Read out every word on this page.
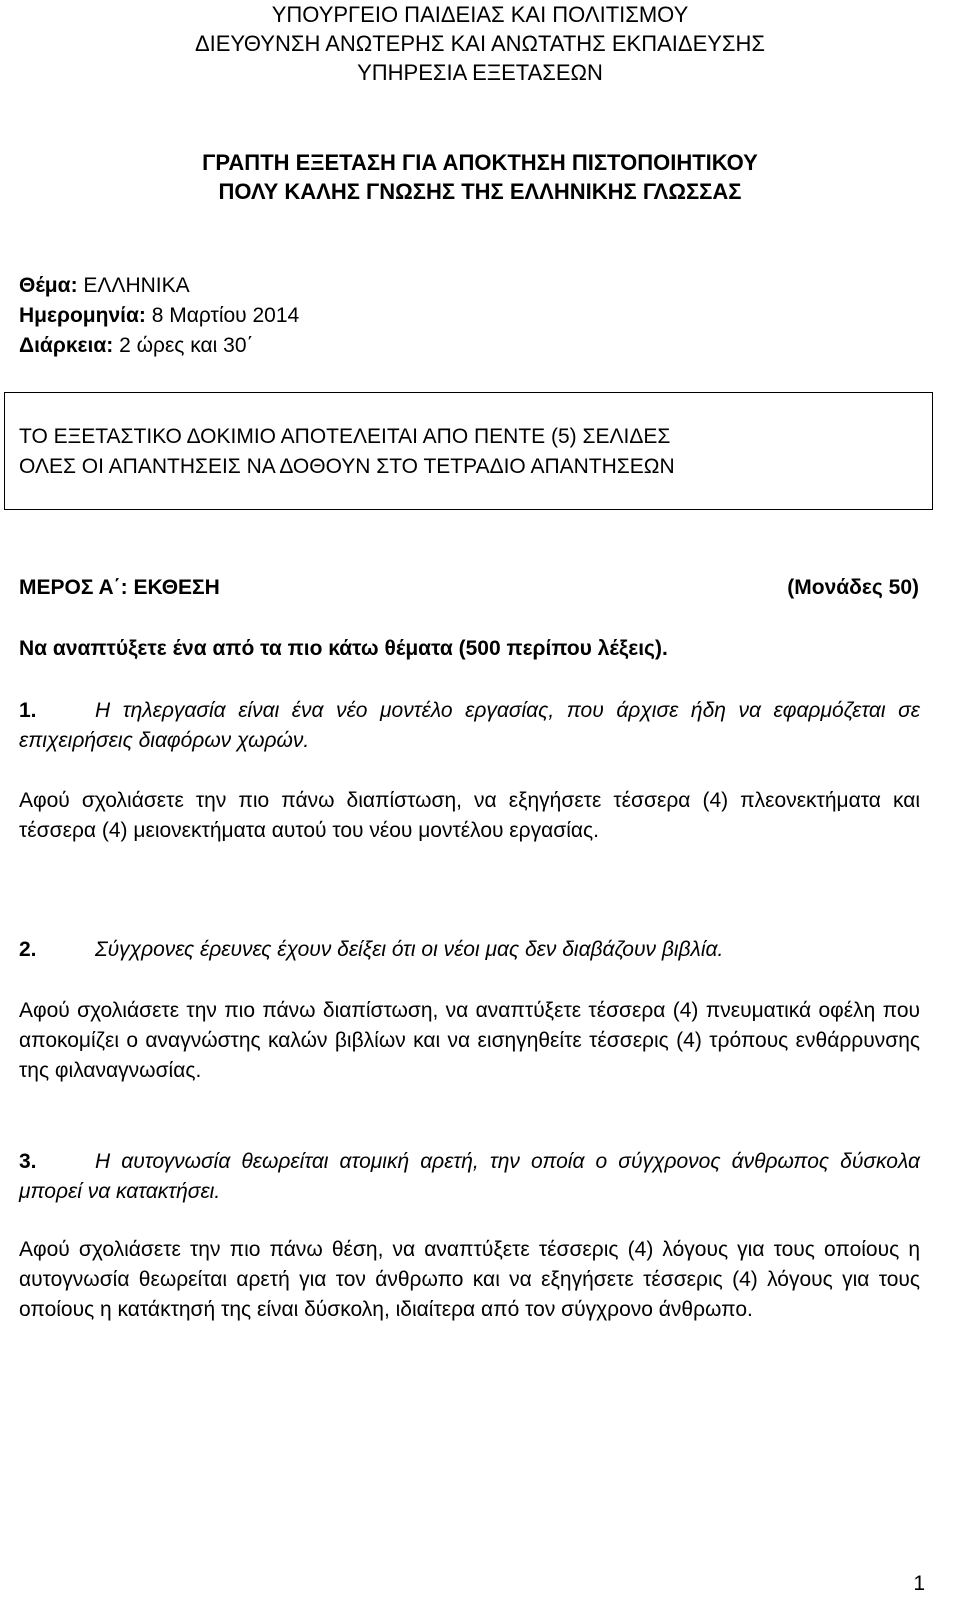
ΥΠΟΥΡΓΕΙΟ ΠΑΙΔΕΙΑΣ ΚΑΙ ΠΟΛΙΤΙΣΜΟΥ
ΔΙΕΥΘΥΝΣΗ ΑΝΩΤΕΡΗΣ ΚΑΙ ΑΝΩΤΑΤΗΣ ΕΚΠΑΙΔΕΥΣΗΣ
ΥΠΗΡΕΣΙΑ ΕΞΕΤΑΣΕΩΝ
ΓΡΑΠΤΗ ΕΞΕΤΑΣΗ ΓΙΑ ΑΠΟΚΤΗΣΗ ΠΙΣΤΟΠΟΙΗΤΙΚΟΥ
ΠΟΛΥ ΚΑΛΗΣ ΓΝΩΣΗΣ ΤΗΣ ΕΛΛΗΝΙΚΗΣ ΓΛΩΣΣΑΣ
Θέμα: ΕΛΛΗΝΙΚΑ
Ημερομηνία: 8 Μαρτίου 2014
Διάρκεια: 2 ώρες και 30΄
ΤΟ ΕΞΕΤΑΣΤΙΚΟ ΔΟΚΙΜΙΟ ΑΠΟΤΕΛΕΙΤΑΙ ΑΠΟ ΠΕΝΤΕ (5) ΣΕΛΙΔΕΣ
ΟΛΕΣ ΟΙ ΑΠΑΝΤΗΣΕΙΣ ΝΑ ΔΟΘΟΥΝ ΣΤΟ ΤΕΤΡΑΔΙΟ ΑΠΑΝΤΗΣΕΩΝ
ΜΕΡΟΣ Α΄: ΕΚΘΕΣΗ	(Μονάδες 50)
Να αναπτύξετε ένα από τα πιο κάτω θέματα (500 περίπου λέξεις).
1.	Η τηλεργασία είναι ένα νέο μοντέλο εργασίας, που άρχισε ήδη να εφαρμόζεται σε επιχειρήσεις διαφόρων χωρών.
Αφού σχολιάσετε την πιο πάνω διαπίστωση, να εξηγήσετε τέσσερα (4) πλεονεκτήματα και τέσσερα (4) μειονεκτήματα αυτού του νέου μοντέλου εργασίας.
2.	Σύγχρονες έρευνες έχουν δείξει ότι οι νέοι μας δεν διαβάζουν βιβλία.
Αφού σχολιάσετε την πιο πάνω διαπίστωση, να αναπτύξετε τέσσερα (4) πνευματικά οφέλη που αποκομίζει ο αναγνώστης καλών βιβλίων και να εισηγηθείτε τέσσερις (4) τρόπους ενθάρρυνσης της φιλαναγνωσίας.
3.	Η αυτογνωσία θεωρείται ατομική αρετή, την οποία ο σύγχρονος άνθρωπος δύσκολα μπορεί να κατακτήσει.
Αφού σχολιάσετε την πιο πάνω θέση, να αναπτύξετε τέσσερις (4) λόγους για τους οποίους η αυτογνωσία θεωρείται αρετή για τον άνθρωπο και να εξηγήσετε τέσσερις (4) λόγους για τους οποίους η κατάκτησή της είναι δύσκολη, ιδιαίτερα από τον σύγχρονο άνθρωπο.
1
